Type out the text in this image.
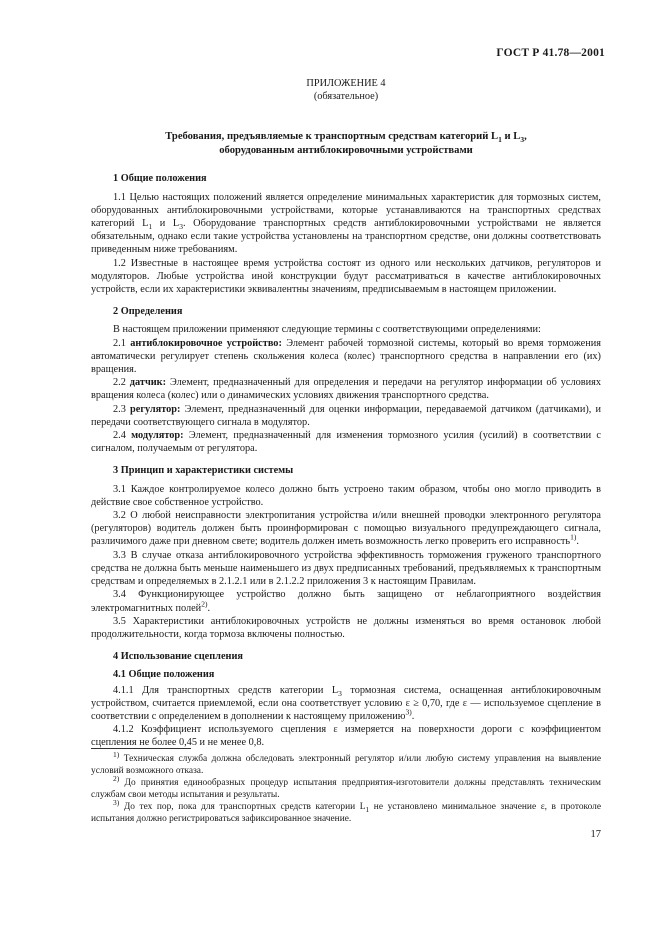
ГОСТ Р 41.78—2001
ПРИЛОЖЕНИЕ 4
(обязательное)
Требования, предъявляемые к транспортным средствам категорий $L_1$ и $L_3$,
оборудованным антиблокировочными устройствами
1 Общие положения

1.1 Целью настоящих положений является определение минимальных характеристик для тормозных систем, оборудованных антиблокировочными устройствами, которые устанавливаются на транспортных средствах категорий $L_1$ и $L_3$. Оборудование транспортных средств антиблокировочными устройствами не является обязательным, однако если такие устройства установлены на транспортном средстве, они должны соответствовать приведенным ниже требованиям.

1.2 Известные в настоящее время устройства состоят из одного или нескольких датчиков, регуляторов и модуляторов. Любые устройства иной конструкции будут рассматриваться в качестве антиблокировочных устройств, если их характеристики эквивалентны значениям, предписываемым в настоящем приложении.

2 Определения

В настоящем приложении применяют следующие термины с соответствующими определениями:

2.1 антиблокировочное устройство: Элемент рабочей тормозной системы, который во время торможения автоматически регулирует степень скольжения колеса (колес) транспортного средства в направлении его (их) вращения.

2.2 датчик: Элемент, предназначенный для определения и передачи на регулятор информации об условиях вращения колеса (колес) или о динамических условиях движения транспортного средства.

2.3 регулятор: Элемент, предназначенный для оценки информации, передаваемой датчиком (датчиками), и передачи соответствующего сигнала в модулятор.

2.4 модулятор: Элемент, предназначенный для изменения тормозного усилия (усилий) в соответствии с сигналом, получаемым от регулятора.

3 Принцип и характеристики системы

3.1 Каждое контролируемое колесо должно быть устроено таким образом, чтобы оно могло приводить в действие свое собственное устройство.

3.2 О любой неисправности электропитания устройства и/или внешней проводки электронного регулятора (регуляторов) водитель должен быть проинформирован с помощью визуального предупреждающего сигнала, различимого даже при дневном свете; водитель должен иметь возможность легко проверить его исправность$^{1)}$.

3.3 В случае отказа антиблокировочного устройства эффективность торможения груженого транспортного средства не должна быть меньше наименьшего из двух предписанных требований, предъявляемых к транспортным средствам и определяемых в 2.1.2.1 или в 2.1.2.2 приложения 3 к настоящим Правилам.

3.4 Функционирующее устройство должно быть защищено от неблагоприятного воздействия электромагнитных полей$^{2)}$.

3.5 Характеристики антиблокировочных устройств не должны изменяться во время остановок любой продолжительности, когда тормоза включены полностью.

4 Использование сцепления
4.1 Общие положения

4.1.1 Для транспортных средств категории $L_3$ тормозная система, оснащенная антиблокировочным устройством, считается приемлемой, если она соответствует условию ε ≥ 0,70, где ε — используемое сцепление в соответствии с определением в дополнении к настоящему приложению$^{3)}$.

4.1.2 Коэффициент используемого сцепления ε измеряется на поверхности дороги с коэффициентом сцепления не более 0,45 и не менее 0,8.

$^{1)}$ Техническая служба должна обследовать электронный регулятор и/или любую систему управления на выявление условий возможного отказа.

$^{2)}$ До принятия единообразных процедур испытания предприятия-изготовители должны представлять техническим службам свои методы испытания и результаты.

$^{3)}$ До тех пор, пока для транспортных средств категории $L_1$ не установлено минимальное значение ε, в протоколе испытания должно регистрироваться зафиксированное значение.

17
